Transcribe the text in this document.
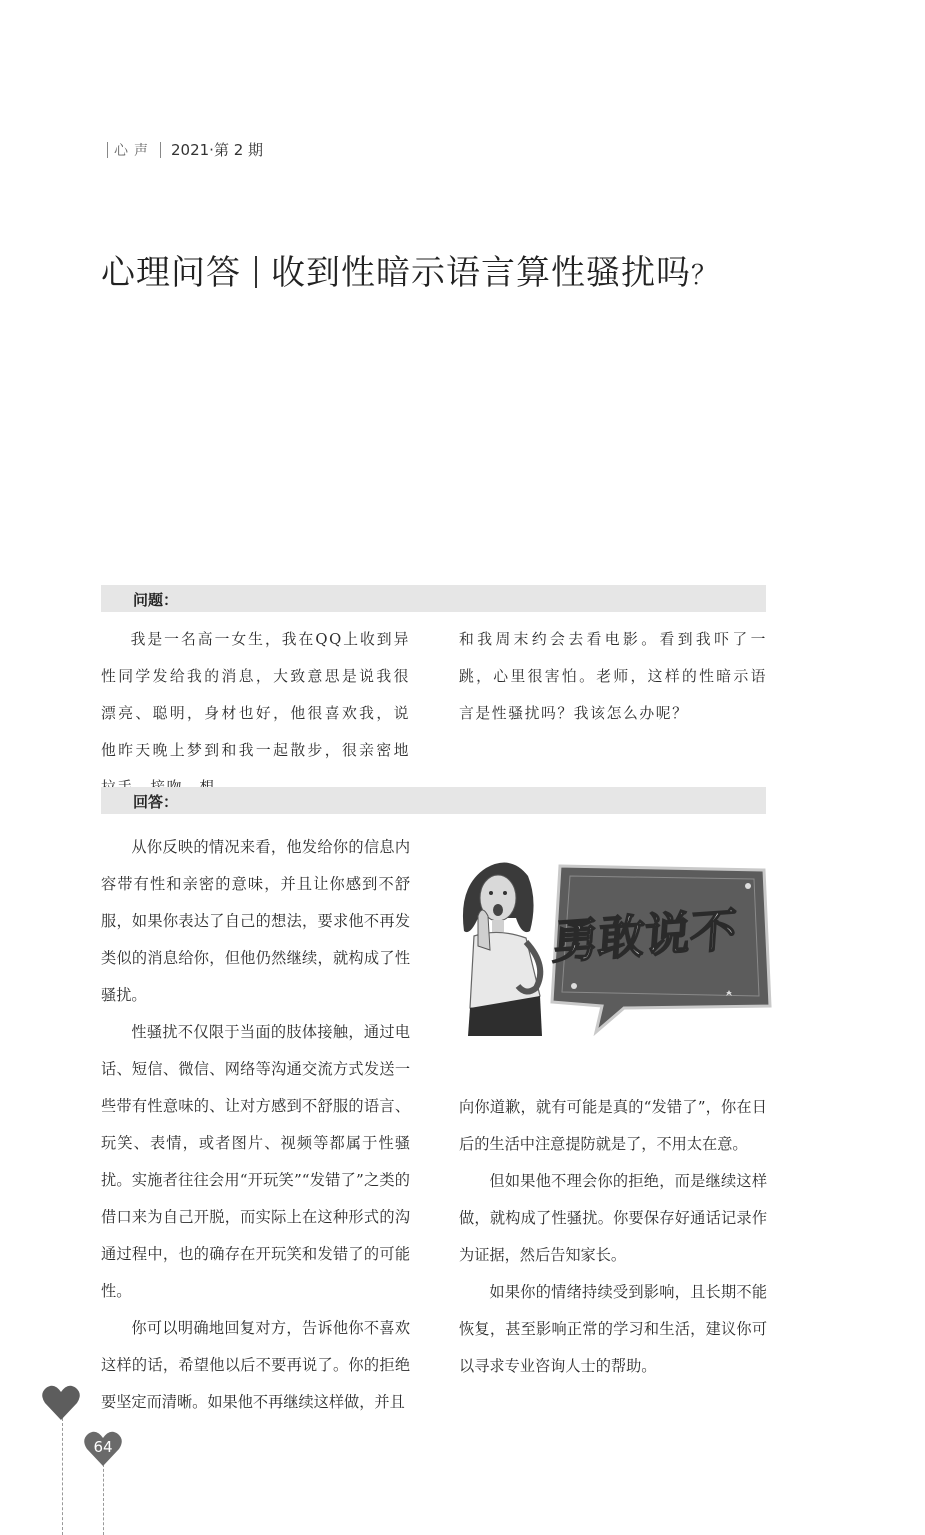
心声 2021·第 2 期
心理问答 收到性暗示语言算性骚扰吗？
问题：

我是一名高一女生，我在QQ上收到异性同学发给我的消息，大致意思是说我很漂亮、聪明，身材也好，他很喜欢我，说他昨天晚上梦到和我一起散步，很亲密地

和我周末约会去看电影。看到我吓了一跳，心里很害怕。老师，这样的性暗示语言是性骚扰吗？我该怎么办呢？

回答：

从你反映的情况来看，他发给你的信息内容带有性和亲密的意味，并且让你感到不舒服，如果你表达了自己的想法，要求他不再发类似的消息给你，但他仍然继续，就构成了性骚扰。

性骚扰不仅限于当面的肢体接触，通过电话、短信、微信、网络等沟通交流方式发送一些带有性意味的、让对方感到不舒服的语言、玩笑、表情，或者图片、视频等都属于性骚扰。实施者往往会用“开玩笑”“发错了”之类的借口来为自己开脱，而实际上在这种形式的沟通过程中，也的确存在开玩笑和发错了的可能性。

你可以明确地回复对方，告诉他你不喜欢这样的话，希望他以后不要再说了。你的拒绝要坚定而清晰。如果他不再继续这样做，并且

勇敢说不

向你道歉，就有可能是真的“发错了”，你在日后的生活中注意提防就是了，不用太在意。

但如果他不理会你的拒绝，而是继续这样做，就构成了性骚扰。你要保存好通话记录作为证据，然后告知家长。

如果你的情绪持续受到影响，且长期不能恢复，甚至影响正常的学习和生活，建议你可以寻求专业咨询人士的帮助。

64
